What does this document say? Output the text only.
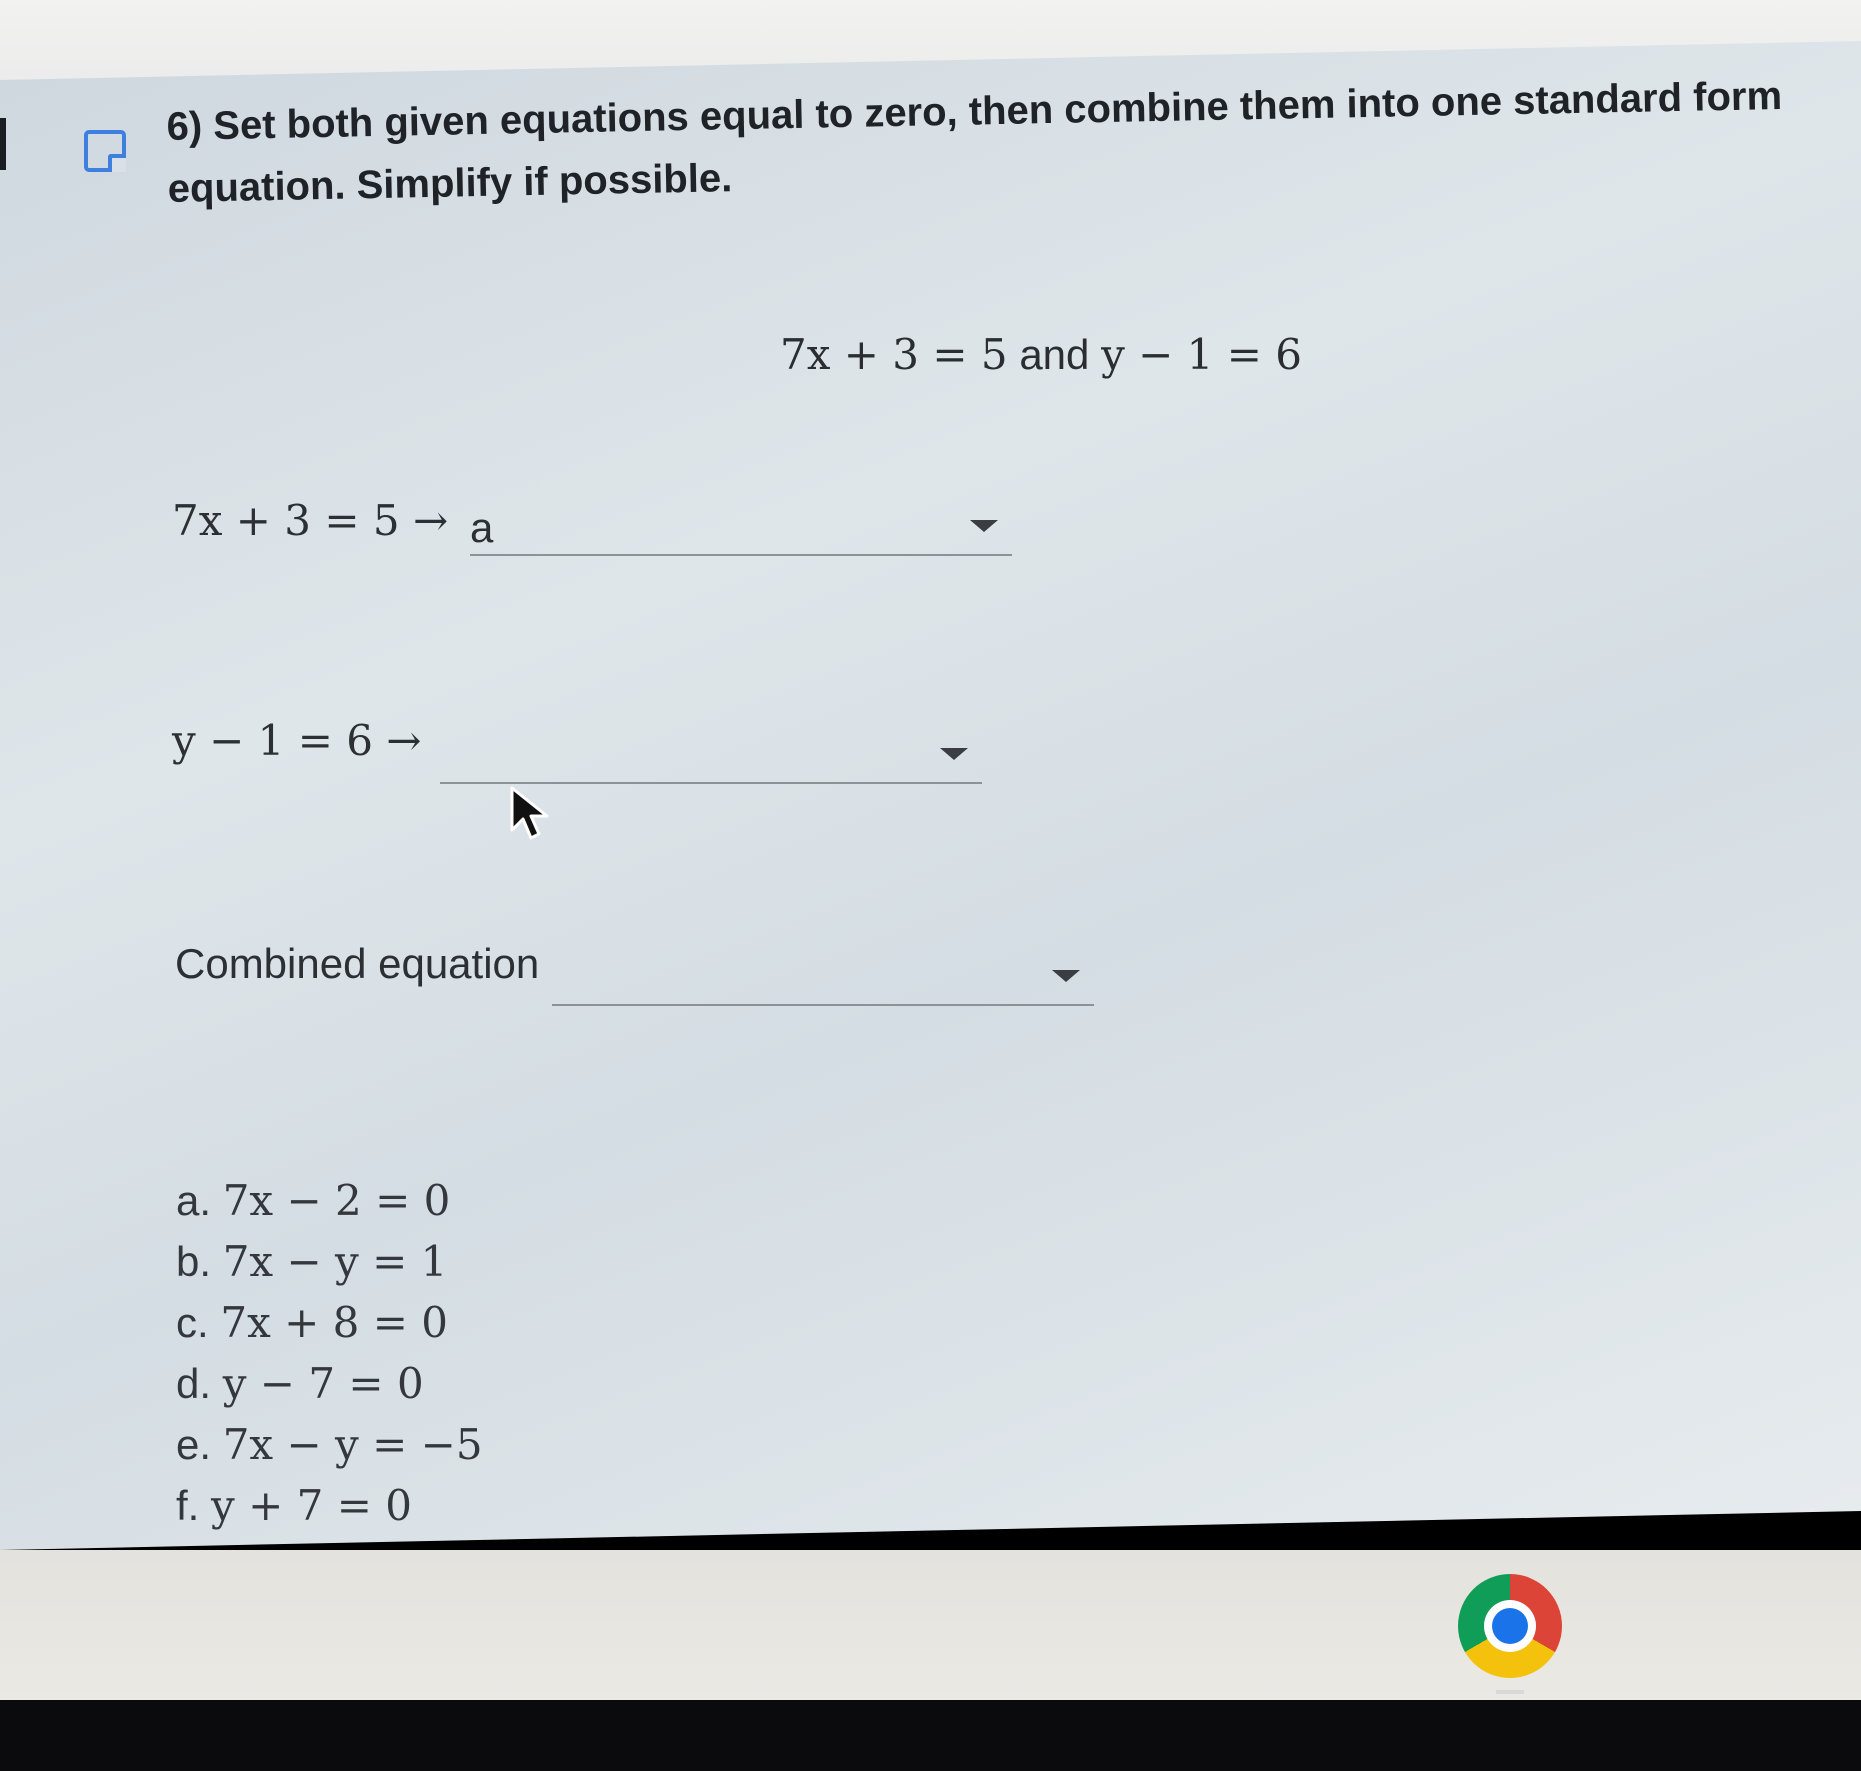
6) Set both given equations equal to zero, then combine them into one standard form
equation. Simplify if possible.
7x + 3 = 5 and y − 1 = 6
7x + 3 = 5 → a
y − 1 = 6 →
Combined equation
a. 7x − 2 = 0
b. 7x − y = 1
c. 7x + 8 = 0
d. y − 7 = 0
e. 7x − y = −5
f. y + 7 = 0
